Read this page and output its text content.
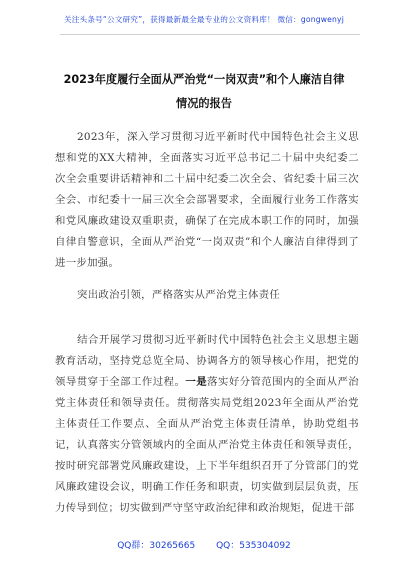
关注头条号“公文研究”，获得最新最全最专业的公文资料库！ 微信：gongwenyj
2023年度履行全面从严治党“一岗双责”和个人廉洁自律
情况的报告
2023年，深入学习贯彻习近平新时代中国特色社会主义思想和党的XX大精神，全面落实习近平总书记二十届中央纪委二次全会重要讲话精神和二十届中纪委二次全会、省纪委十届三次全会、市纪委十一届三次全会部署要求，全面履行业务工作落实和党风廉政建设双重职责，确保了在完成本职工作的同时，加强自律自警意识，全面从严治党“一岗双责”和个人廉洁自律得到了进一步加强。
突出政治引领，严格落实从严治党主体责任
结合开展学习贯彻习近平新时代中国特色社会主义思想主题教育活动，坚持党总览全局、协调各方的领导核心作用，把党的领导贯穿于全部工作过程。一是落实好分管范围内的全面从严治党主体责任和领导责任。贯彻落实局党组2023年全面从严治党主体责任工作要点、全面从严治党主体责任清单，协助党组书记，认真落实分管领域内的全面从严治党主体责任和领导责任，按时研究部署党风廉政建设，上下半年组织召开了分管部门的党风廉政建设会议，明确工作任务和职责，切实做到层层负责，压力传导到位；切实做到严守坚守政治纪律和政治规矩，促进干部
QQ群：30265665 QQ：535304092
